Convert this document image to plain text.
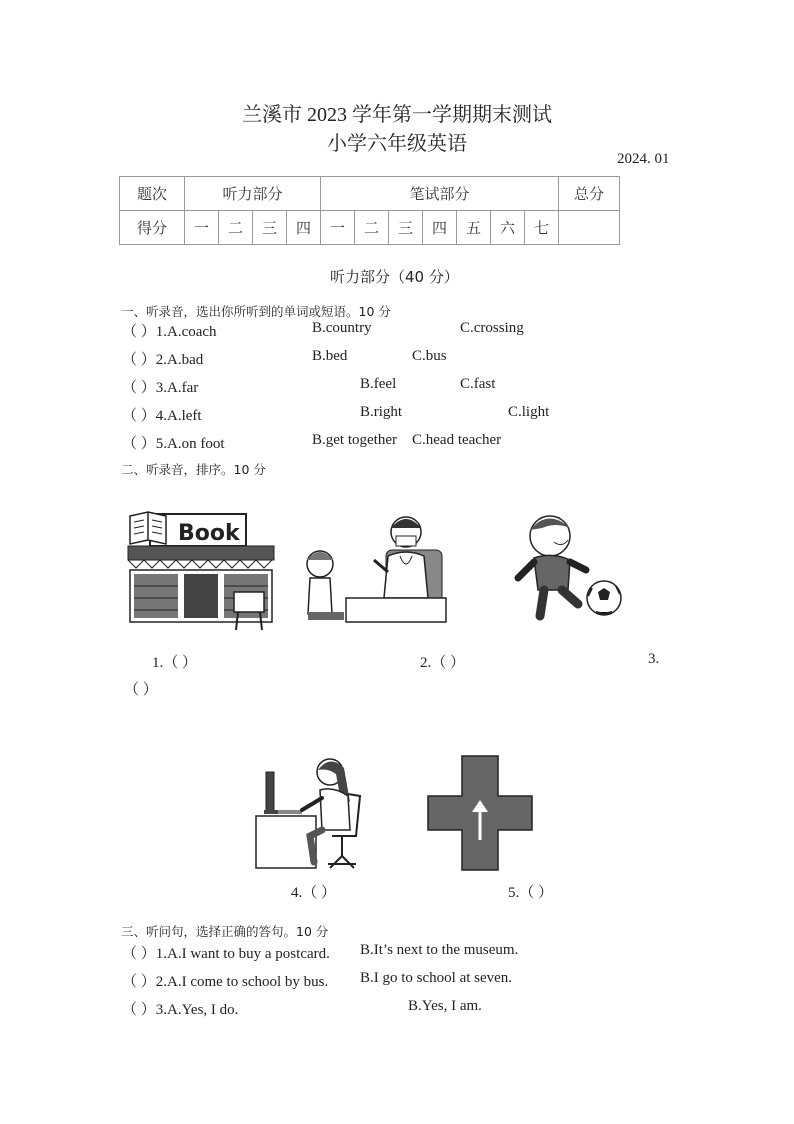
兰溪市 2023 学年第一学期期末测试
小学六年级英语
2024. 01
题次	听力部分				笔试部分							总分
得分	一	二	三	四	一	二	三	四	五	六	七	
听力部分（40 分）
一、听录音，选出你所听到的单词或短语。10 分
（ ）1.A.coach	B.country	C.crossing
（ ）2.A.bad	B.bed	C.bus
（ ）3.A.far	B.feel	C.fast
（ ）4.A.left	B.right	C.light
（ ）5.A.on foot	B.get together C.head teacher
二、听录音，排序。10 分
Book
1.（ ）	2.（ ）	3.
（ ）
4.（ ）	5.（ ）
三、听问句，选择正确的答句。10 分
（ ）1.A.I want to buy a postcard. B.It’s next to the museum.
（ ）2.A.I come to school by bus. B.I go to school at seven.
（ ）3.A.Yes, I do.	B.Yes, I am.
